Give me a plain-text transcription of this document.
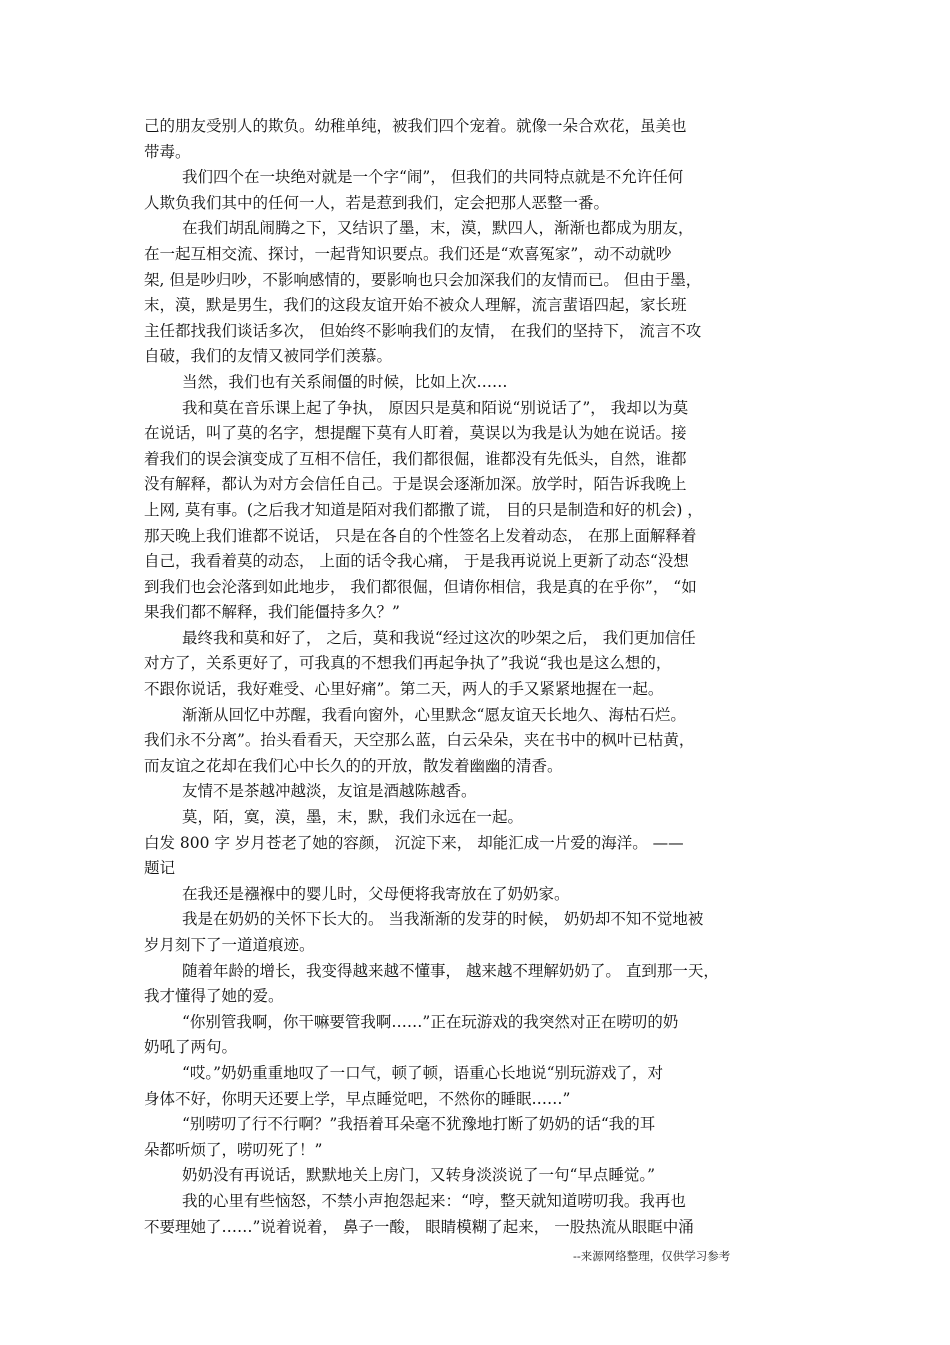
己的朋友受别人的欺负。幼稚单纯，被我们四个宠着。就像一朵合欢花，虽美也
带毒。
我们四个在一块绝对就是一个字“闹”， 但我们的共同特点就是不允许任何
人欺负我们其中的任何一人，若是惹到我们，定会把那人恶整一番。
在我们胡乱闹腾之下，又结识了墨，末，漠，默四人，渐渐也都成为朋友，
在一起互相交流、探讨，一起背知识要点。我们还是“欢喜冤家”，动不动就吵
架, 但是吵归吵，不影响感情的，要影响也只会加深我们的友情而已。 但由于墨，
末，漠，默是男生，我们的这段友谊开始不被众人理解，流言蜚语四起，家长班
主任都找我们谈话多次， 但始终不影响我们的友情， 在我们的坚持下， 流言不攻
自破，我们的友情又被同学们羡慕。
当然，我们也有关系闹僵的时候，比如上次……
我和莫在音乐课上起了争执， 原因只是莫和陌说“别说话了”， 我却以为莫
在说话，叫了莫的名字，想提醒下莫有人盯着，莫误以为我是认为她在说话。接
着我们的误会演变成了互相不信任，我们都很倔，谁都没有先低头，自然，谁都
没有解释，都认为对方会信任自己。于是误会逐渐加深。放学时，陌告诉我晚上
上网, 莫有事。(之后我才知道是陌对我们都撒了谎， 目的只是制造和好的机会) ，
那天晚上我们谁都不说话， 只是在各自的个性签名上发着动态， 在那上面解释着
自己，我看着莫的动态， 上面的话令我心痛， 于是我再说说上更新了动态“没想
到我们也会沦落到如此地步， 我们都很倔，但请你相信，我是真的在乎你”， “如
果我们都不解释，我们能僵持多久？”
最终我和莫和好了， 之后，莫和我说“经过这次的吵架之后， 我们更加信任
对方了，关系更好了，可我真的不想我们再起争执了”我说“我也是这么想的，
不跟你说话，我好难受、心里好痛”。第二天，两人的手又紧紧地握在一起。
渐渐从回忆中苏醒，我看向窗外，心里默念“愿友谊天长地久、海枯石烂。
我们永不分离”。抬头看看天，天空那么蓝，白云朵朵，夹在书中的枫叶已枯黄，
而友谊之花却在我们心中长久的的开放，散发着幽幽的清香。
友情不是茶越冲越淡，友谊是酒越陈越香。
莫，陌，寞，漠，墨，末，默，我们永远在一起。
白发 800 字 岁月苍老了她的容颜， 沉淀下来， 却能汇成一片爱的海洋。 ——
题记
在我还是襁褓中的婴儿时，父母便将我寄放在了奶奶家。
我是在奶奶的关怀下长大的。 当我渐渐的发芽的时候， 奶奶却不知不觉地被
岁月刻下了一道道痕迹。
随着年龄的增长，我变得越来越不懂事， 越来越不理解奶奶了。 直到那一天，
我才懂得了她的爱。
“你别管我啊，你干嘛要管我啊……”正在玩游戏的我突然对正在唠叨的奶
奶吼了两句。
“哎。”奶奶重重地叹了一口气，顿了顿，语重心长地说“别玩游戏了，对
身体不好，你明天还要上学，早点睡觉吧，不然你的睡眠……”
“别唠叨了行不行啊？”我捂着耳朵毫不犹豫地打断了奶奶的话“我的耳
朵都听烦了，唠叨死了！”
奶奶没有再说话，默默地关上房门，又转身淡淡说了一句“早点睡觉。”
我的心里有些恼怒，不禁小声抱怨起来：“哼，整天就知道唠叨我。我再也
不要理她了……”说着说着， 鼻子一酸， 眼睛模糊了起来， 一股热流从眼眶中涌
--来源网络整理，仅供学习参考
